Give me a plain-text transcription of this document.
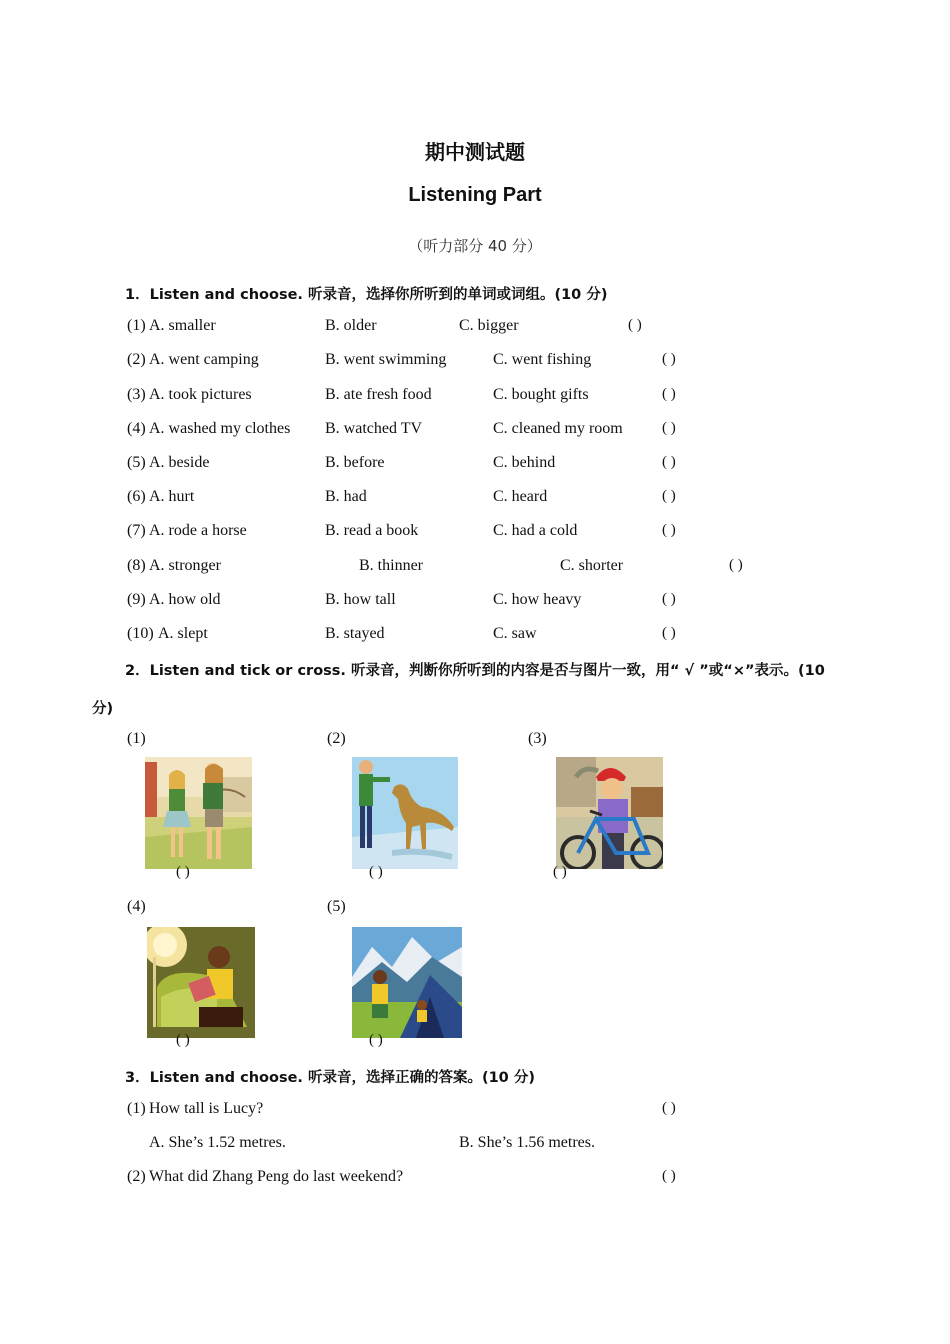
期中测试题
Listening Part
（听力部分 40 分）
1．Listen and choose. 听录音，选择你所听到的单词或词组。(10 分)
(1) A. smaller	B. older	C. bigger	( )
(2) A. went camping	B. went swimming	C. went fishing	( )
(3) A. took pictures	B. ate fresh food	C. bought gifts	( )
(4) A. washed my clothes B. watched TV	C. cleaned my room	( )
(5) A. beside	B. before	C. behind	( )
(6) A. hurt	B. had	C. heard	( )
(7) A. rode a horse	B. read a book	C. had a cold	( )
(8) A. stronger	B. thinner	C. shorter	( )
(9) A. how old	B. how tall	C. how heavy	( )
(10) A. slept	B. stayed	C. saw	( )
2．Listen and tick or cross. 听录音，判断你所听到的内容是否与图片一致，用“ √ ”或“×”表示。(10
分)
(1)	(2)	(3)
(4)	(5)
( )	( )	( )
( )	( )
3．Listen and choose. 听录音，选择正确的答案。(10 分)
(1) How tall is Lucy?	( )
A. She’s 1.52 metres.	B. She’s 1.56 metres.
(2) What did Zhang Peng do last weekend?	( )
